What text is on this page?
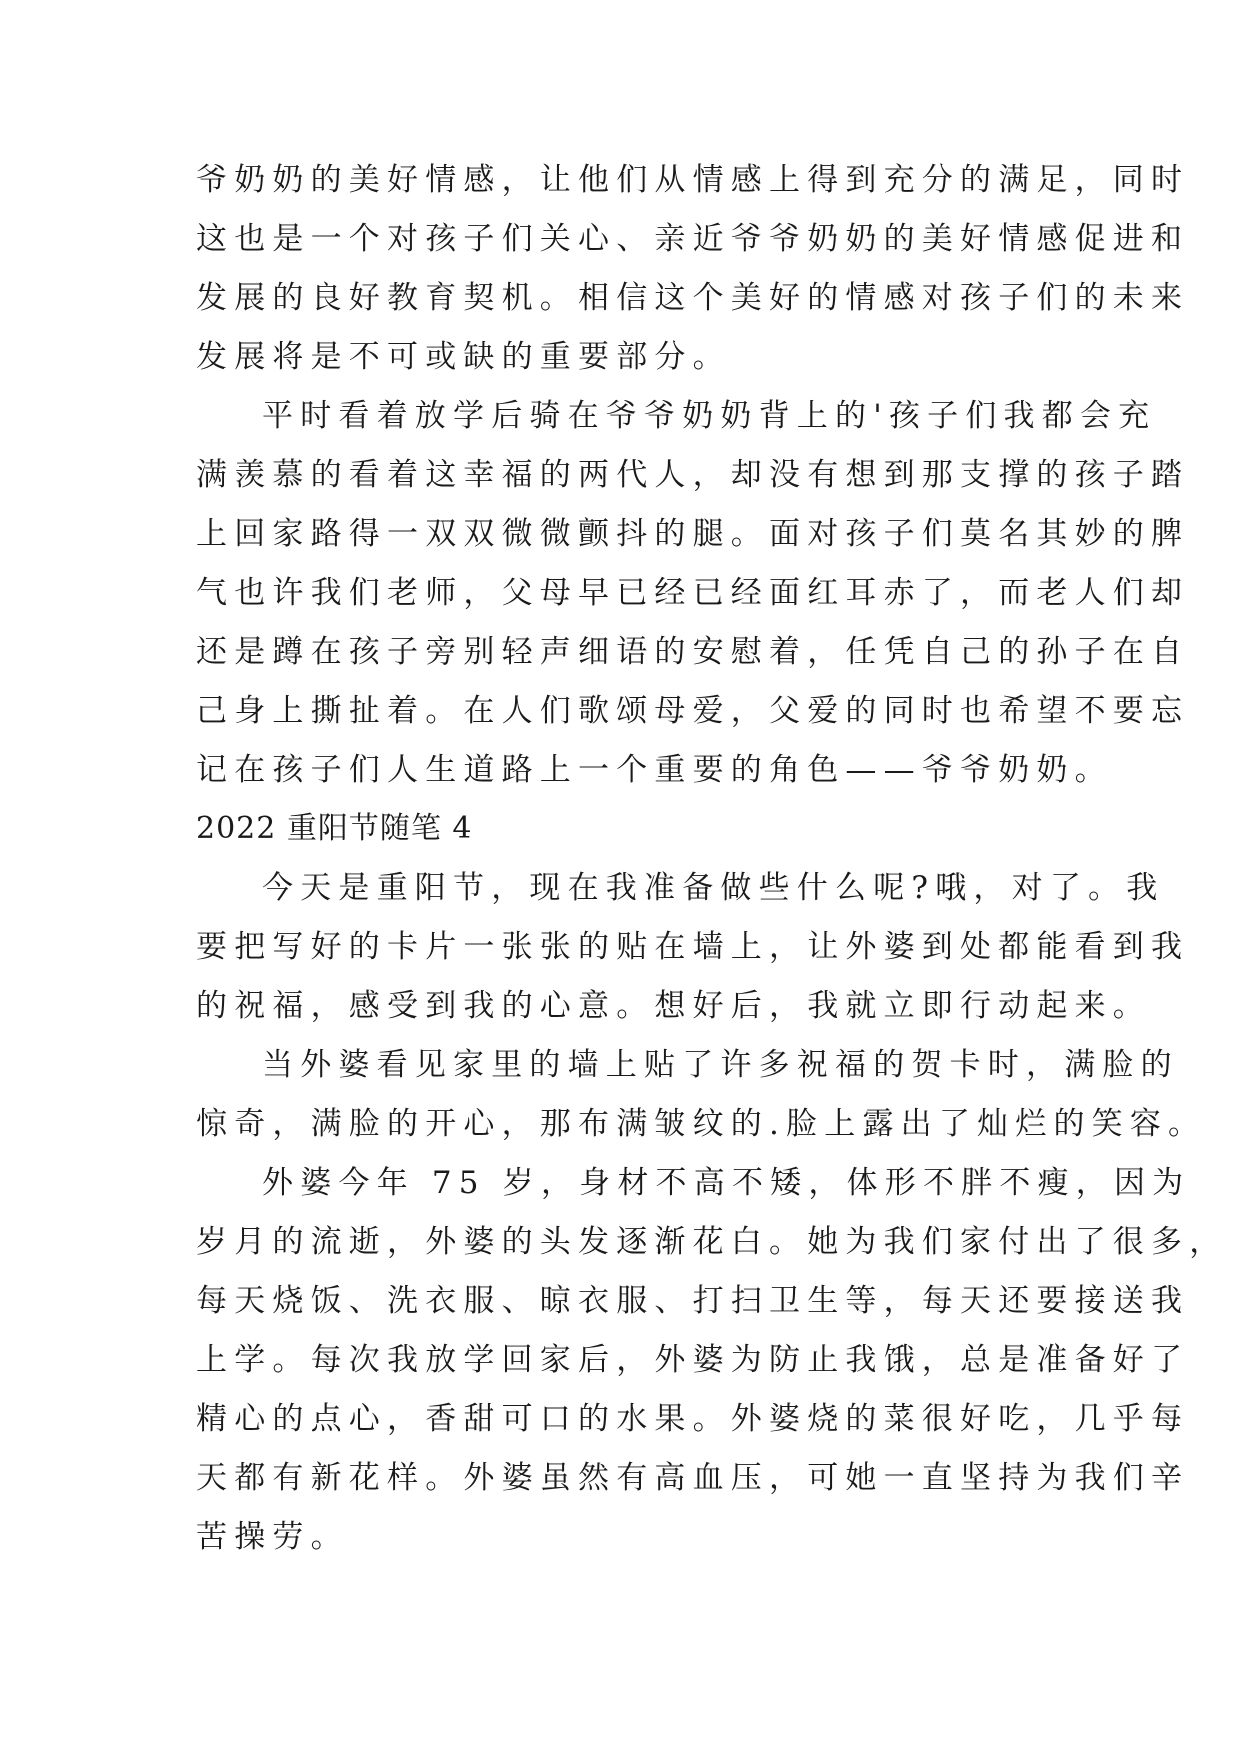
爷奶奶的美好情感，让他们从情感上得到充分的满足，同时
这也是一个对孩子们关心、亲近爷爷奶奶的美好情感促进和
发展的良好教育契机。相信这个美好的情感对孩子们的未来
发展将是不可或缺的重要部分。
平时看着放学后骑在爷爷奶奶背上的'孩子们我都会充
满羡慕的看着这幸福的两代人，却没有想到那支撑的孩子踏
上回家路得一双双微微颤抖的腿。面对孩子们莫名其妙的脾
气也许我们老师，父母早已经已经面红耳赤了，而老人们却
还是蹲在孩子旁别轻声细语的安慰着，任凭自己的孙子在自
己身上撕扯着。在人们歌颂母爱，父爱的同时也希望不要忘
记在孩子们人生道路上一个重要的角色——爷爷奶奶。
2022 重阳节随笔 4
今天是重阳节，现在我准备做些什么呢?哦，对了。我
要把写好的卡片一张张的贴在墙上，让外婆到处都能看到我
的祝福，感受到我的心意。想好后，我就立即行动起来。
当外婆看见家里的墙上贴了许多祝福的贺卡时，满脸的
惊奇，满脸的开心，那布满皱纹的.脸上露出了灿烂的笑容。
外婆今年 75 岁，身材不高不矮，体形不胖不瘦，因为
岁月的流逝，外婆的头发逐渐花白。她为我们家付出了很多，
每天烧饭、洗衣服、晾衣服、打扫卫生等，每天还要接送我
上学。每次我放学回家后，外婆为防止我饿，总是准备好了
精心的点心，香甜可口的水果。外婆烧的菜很好吃，几乎每
天都有新花样。外婆虽然有高血压，可她一直坚持为我们辛
苦操劳。
